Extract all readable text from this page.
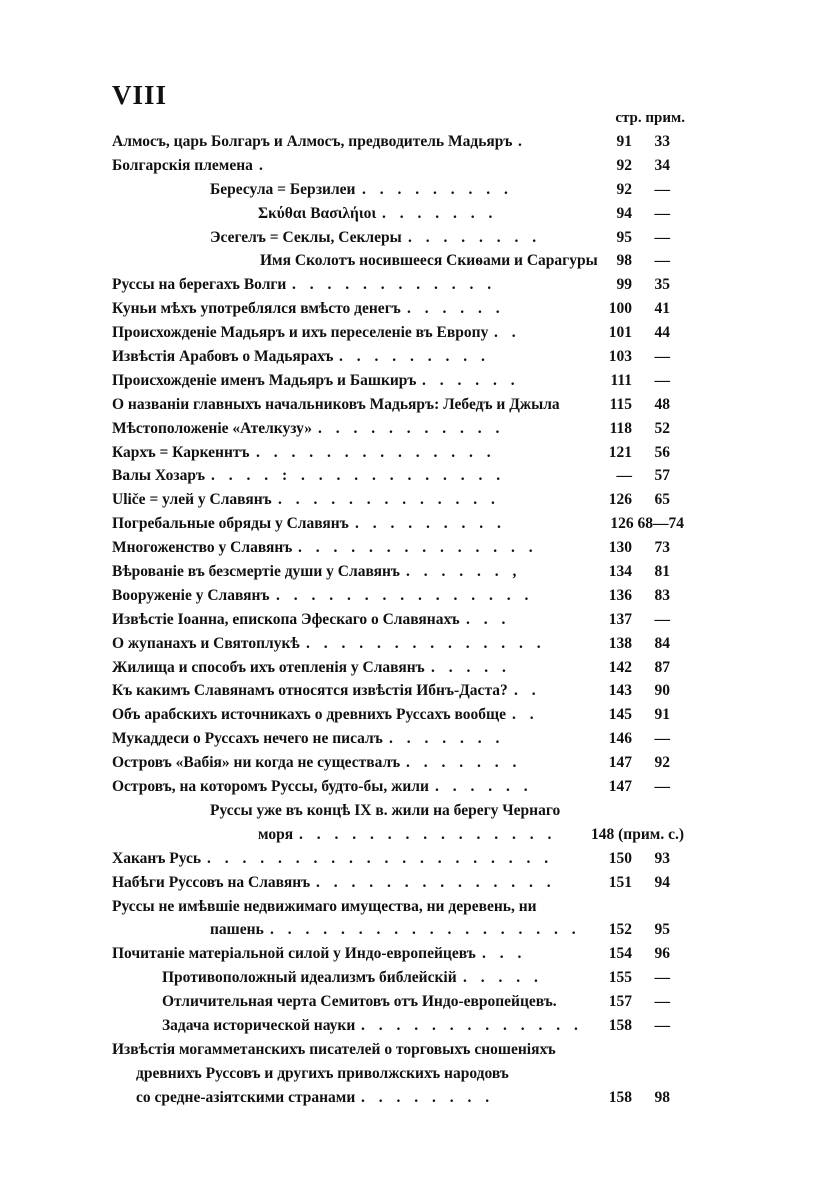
VIII
стр. прим.
Алмосъ, царь Болгаръ и Алмосъ, предводитель Мадьяръ .	91 33
Болгарскія племена .	92 34
Бересула = Берзилеи . . . . . . . . .	92 —
Σκύθαι Βασιλήιοι . . . . . . .	94 —
Эсегелъ = Секлы, Секлеры . . . . . . . .	95 —
Имя Сколотъ носившееся Скиѳами и Сарагуры 98 —
Руссы на берегахъ Волги . . . . . . . . . . . .	99 35
Куньи мѣхъ употреблялся вмѣсто денегъ . . . . . .	100 41
Происхожденіе Мадьяръ и ихъ переселеніе въ Европу . .	101 44
Извѣстія Арабовъ о Мадьярахъ . . . . . . . . .	103 —
Происхожденіе именъ Мадьяръ и Башкиръ . . . . . .	111 —
О названіи главныхъ начальниковъ Мадьяръ: Лебедъ и Джыла	115 48
Мѣстоположеніе «Ателкузу» . . . . . . . . . . .	118 52
Кархъ = Каркеннтъ . . . . . . . . . . . . . .	121 56
Валы Хозаръ . . . . : . . . . . . . . . . . .	— 57
Uliče = улей у Славянъ . . . . . . . . . . . . .	126 65
Погребальные обряды у Славянъ . . . . . . . . .	126 68—74
Многоженство у Славянъ . . . . . . . . . . . . . .	130 73
Вѣрованіе въ безсмертіе души у Славянъ . . . . . . ,	134 81
Вооруженіе у Славянъ . . . . . . . . . . . . . . .	136 83
Извѣстіе Іоанна, епископа Эфескаго о Славянахъ . . .	137 —
О жупанахъ и Святоплукѣ . . . . . . . . . . . . . .	138 84
Жилища и способъ ихъ отепленія у Славянъ . . . . .	142 87
Къ какимъ Славянамъ относятся извѣстія Ибнъ-Даста? . .	143 90
Объ арабскихъ источникахъ о древнихъ Руссахъ вообще . .	145 91
Мукаддеси о Руссахъ нечего не писалъ . . . . . . .	146 —
Островъ «Вабія» ни когда не существалъ . . . . . . .	147 92
Островъ, на которомъ Руссы, будто-бы, жили . . . . . .	147 —
Руссы уже въ концѣ IX в. жили на берегу Чернаго
моря . . . . . . . . . . . . . . . 148 (прим. с.)
Хаканъ Русь . . . . . . . . . . . . . . . . . . . .	150 93
Набѣги Руссовъ на Славянъ . . . . . . . . . . . . . .	151 94
Руссы не имѣвшіе недвижимаго имущества, ни деревень, ни
пашень . . . . . . . . . . . . . . . . . . 152 95
Почитаніе матеріальной силой у Индо-европейцевъ . . .	154 96
Противоположный идеализмъ библейскій . . . . .	155 —
Отличительная черта Семитовъ отъ Индо-европейцевъ.	157 —
Задача исторической науки . . . . . . . . . . . . . 158 —
Извѣстія могамметанскихъ писателей о торговыхъ сношеніяхъ
древнихъ Руссовъ и другихъ приволжскихъ народовъ
со средне-азіятскими странами . . . . . . . .	158 98
